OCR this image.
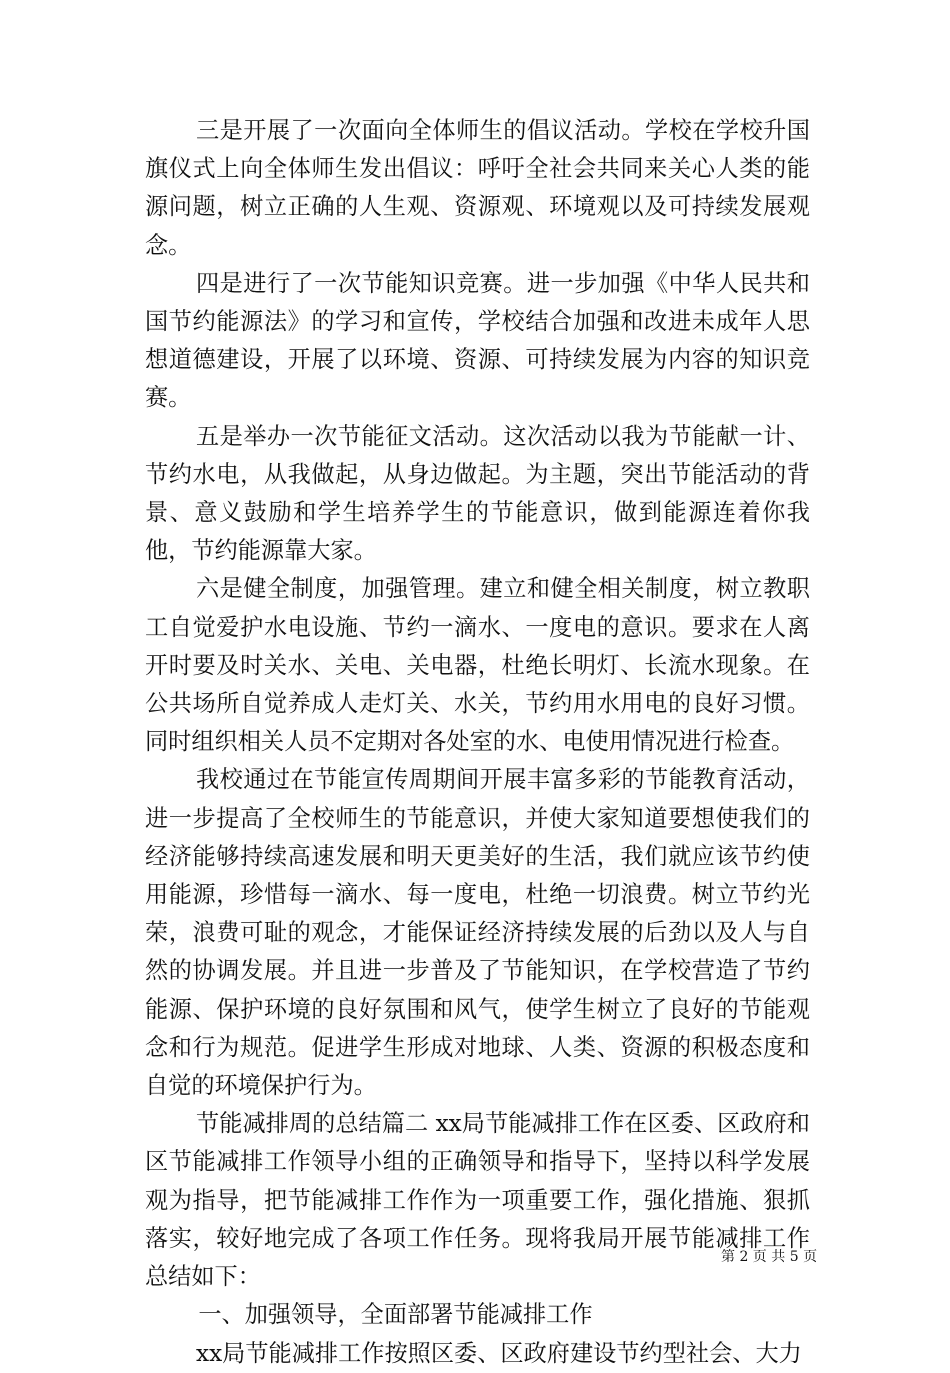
三是开展了一次面向全体师生的倡议活动。学校在学校升国旗仪式上向全体师生发出倡议：呼吁全社会共同来关心人类的能源问题，树立正确的人生观、资源观、环境观以及可持续发展观念。

四是进行了一次节能知识竞赛。进一步加强《中华人民共和国节约能源法》的学习和宣传，学校结合加强和改进未成年人思想道德建设，开展了以环境、资源、可持续发展为内容的知识竞赛。

五是举办一次节能征文活动。这次活动以我为节能献一计、节约水电，从我做起，从身边做起。为主题，突出节能活动的背景、意义鼓励和学生培养学生的节能意识，做到能源连着你我他，节约能源靠大家。

六是健全制度，加强管理。建立和健全相关制度，树立教职工自觉爱护水电设施、节约一滴水、一度电的意识。要求在人离开时要及时关水、关电、关电器，杜绝长明灯、长流水现象。在公共场所自觉养成人走灯关、水关，节约用水用电的良好习惯。同时组织相关人员不定期对各处室的水、电使用情况进行检查。

我校通过在节能宣传周期间开展丰富多彩的节能教育活动，进一步提高了全校师生的节能意识，并使大家知道要想使我们的经济能够持续高速发展和明天更美好的生活，我们就应该节约使用能源，珍惜每一滴水、每一度电，杜绝一切浪费。树立节约光荣，浪费可耻的观念，才能保证经济持续发展的后劲以及人与自然的协调发展。并且进一步普及了节能知识，在学校营造了节约能源、保护环境的良好氛围和风气，使学生树立了良好的节能观念和行为规范。促进学生形成对地球、人类、资源的积极态度和自觉的环境保护行为。

节能减排周的总结篇二 xx局节能减排工作在区委、区政府和区节能减排工作领导小组的正确领导和指导下，坚持以科学发展观为指导，把节能减排工作作为一项重要工作，强化措施、狠抓落实，较好地完成了各项工作任务。现将我局开展节能减排工作总结如下：

一、加强领导，全面部署节能减排工作

xx局节能减排工作按照区委、区政府建设节约型社会、大力

第 2 页 共 5 页
